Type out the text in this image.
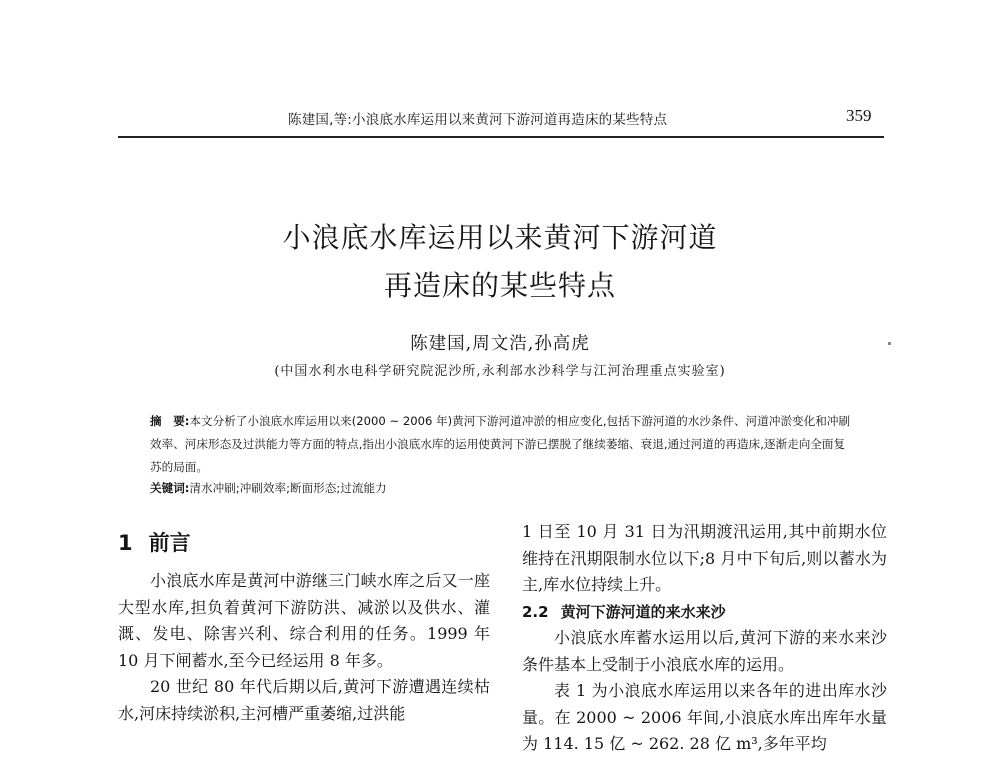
陈建国,等:小浪底水库运用以来黄河下游河道再造床的某些特点	359
小浪底水库运用以来黄河下游河道
再造床的某些特点
陈建国,周文浩,孙高虎
(中国水利水电科学研究院泥沙所,永利部水沙科学与江河治理重点实验室)
摘　要:本文分析了小浪底水库运用以来(2000 ~ 2006 年)黄河下游河道冲淤的相应变化,包括下游河道的水沙条件、河道冲淤变化和冲刷效率、河床形态及过洪能力等方面的特点,指出小浪底水库的运用使黄河下游已摆脱了继续萎缩、衰退,通过河道的再造床,逐渐走向全面复苏的局面。
关键词:清水冲刷;冲刷效率;断面形态;过流能力
1 前言

小浪底水库是黄河中游继三门峡水库之后又一座大型水库,担负着黄河下游防洪、减淤以及供水、灌溉、发电、除害兴利、综合利用的任务。1999 年 10 月下闸蓄水,至今已经运用 8 年多。

20 世纪 80 年代后期以后,黄河下游遭遇连续枯水,河床持续淤积,主河槽严重萎缩,过洪能

1 日至 10 月 31 日为汛期渡汛运用,其中前期水位维持在汛期限制水位以下;8 月中下旬后,则以蓄水为主,库水位持续上升。

2.2 黄河下游河道的来水来沙

小浪底水库蓄水运用以后,黄河下游的来水来沙条件基本上受制于小浪底水库的运用。

表 1 为小浪底水库运用以来各年的进出库水沙量。在 2000 ~ 2006 年间,小浪底水库出库年水量为 114. 15 亿 ~ 262. 28 亿 m³,多年平均
